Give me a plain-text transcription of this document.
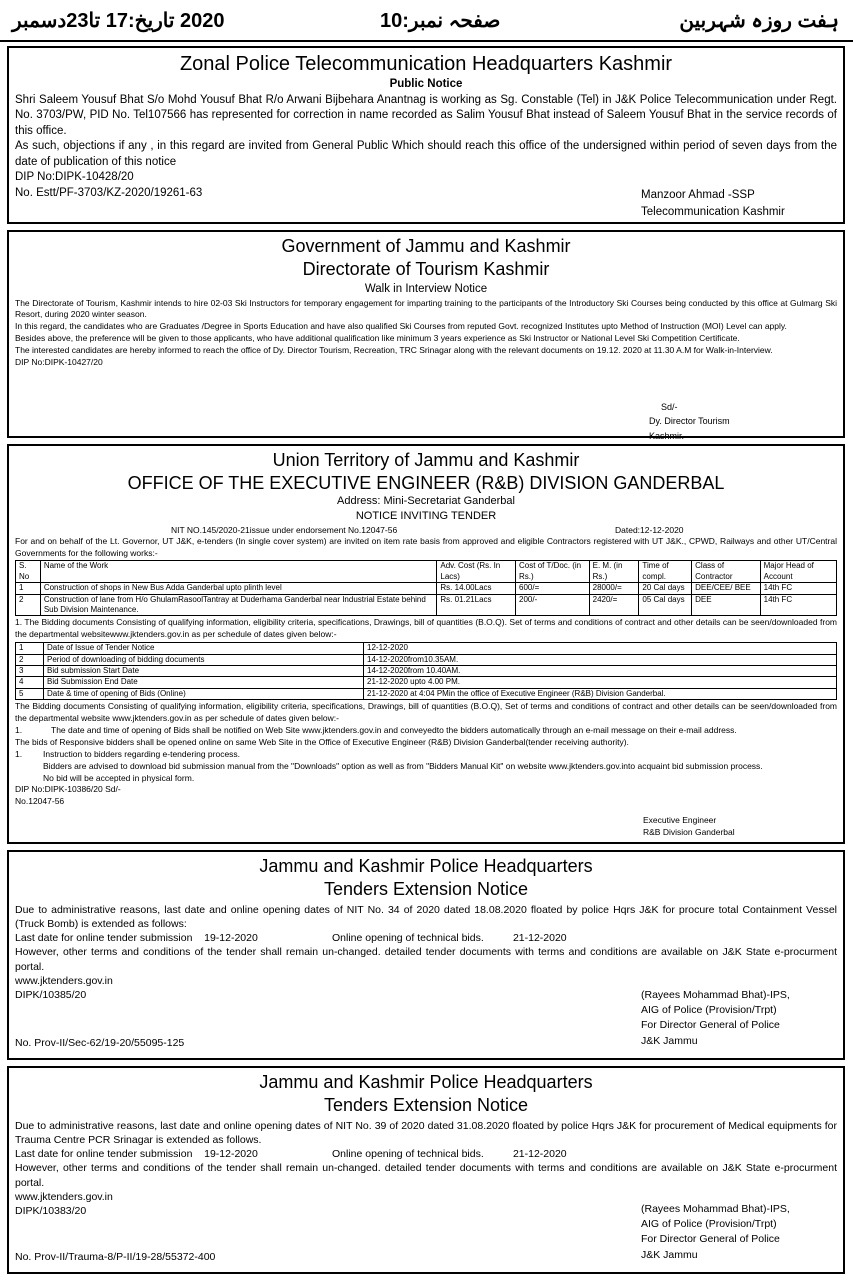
2020 تاریخ:17 تا23دسمبر	صفحہ نمبر:10	ہفت روزہ شہربین
Zonal Police Telecommunication Headquarters Kashmir
Public Notice
Shri Saleem Yousuf Bhat S/o Mohd Yousuf Bhat R/o Arwani Bijbehara Anantnag is working as Sg. Constable (Tel) in J&K Police Telecommunication under Regt. No. 3703/PW, PID No. Tel107566 has represented for correction in name recorded as Salim Yousuf Bhat instead of Saleem Yousuf Bhat in the service records of this office.
As such, objections if any , in this regard are invited from General Public Which should reach this office of the undersigned within period of seven days from the date of publication of this notice
DIP No:DIPK-10428/20
No. Estt/PF-3703/KZ-2020/19261-63	Manzoor Ahmad -SSP
Telecommunication Kashmir
Government of Jammu and Kashmir
Directorate of Tourism Kashmir
Walk in Interview Notice
The Directorate of Tourism, Kashmir intends to hire 02-03 Ski Instructors for temporary engagement for imparting training to the participants of the Introductory Ski Courses being conducted by this office at Gulmarg Ski Resort, during 2020 winter season.
In this regard, the candidates who are Graduates /Degree in Sports Education and have also qualified Ski Courses from reputed Govt. recognized Institutes upto Method of Instruction (MOI) Level can apply.
Besides above, the preference will be given to those applicants, who have additional qualification like minimum 3 years experience as Ski Instructor or National Level Ski Competition Certificate.
The interested candidates are hereby informed to reach the office of Dy. Director Tourism, Recreation, TRC Srinagar along with the relevant documents on 19.12. 2020 at 11.30 A.M for Walk-in-Interview.
DIP No:DIPK-10427/20
Sd/-
Dy. Director Tourism
Kashmir.
Union Territory of Jammu and Kashmir
OFFICE OF THE EXECUTIVE ENGINEER (R&B) DIVISION GANDERBAL
Address: Mini-Secretariat Ganderbal
NOTICE INVITING TENDER
NIT NO.145/2020-21issue under endorsement No.12047-56	Dated:12-12-2020
For and on behalf of the Lt. Governor, UT J&K, e-tenders (In single cover system) are invited on item rate basis from approved and eligible Contractors registered with UT J&K., CPWD, Railways and other UT/Central Governments for the following works:-
S. No	Name of the Work	Adv. Cost (Rs. In Lacs)	Cost of T/Doc. (in Rs.)	E. M. (in Rs.)	Time of compl.	Class of Contractor	Major Head of Account
1	Construction of shops in New Bus Adda Ganderbal upto plinth level	Rs. 14.00Lacs	600/=	28000/=	20 Cal days	DEE/CEE/ BEE	14th FC
2	Construction of lane from H/o GhulamRasoolTantray at Duderhama Ganderbal near Industrial Estate behind Sub Division Maintenance.	Rs. 01.21Lacs	200/-	2420/=	05 Cal days	DEE	14th FC
1. The Bidding documents Consisting of qualifying information, eligibility criteria, specifications, Drawings, bill of quantities (B.O.Q). Set of terms and conditions of contract and other details can be seen/downloaded from the departmental websitewww.jktenders.gov.in as per schedule of dates given below:-
1	Date of Issue of Tender Notice	12-12-2020
2	Period of downloading of bidding documents	14-12-2020from10.35AM.
3	Bid submission Start Date	14-12-2020from 10.40AM.
4	Bid Submission End Date	21-12-2020 upto 4.00 PM.
5	Date & time of opening of Bids (Online)	21-12-2020 at 4:04 PMin the office of Executive Engineer (R&B) Division Ganderbal.
The Bidding documents Consisting of qualifying information, eligibility criteria, specifications, Drawings, bill of quantities (B.O.Q), Set of terms and conditions of contract and other details can be seen/downloaded from the departmental website www.jktenders.gov.in as per schedule of dates given below:-
1.	The date and time of opening of Bids shall be notified on Web Site www.jktenders.gov.in and conveyedto the bidders automatically through an e-mail message on their e-mail address.
The bids of Responsive bidders shall be opened online on same Web Site in the Office of Executive Engineer (R&B) Division Ganderbal(tender receiving authority).
1.	Instruction to bidders regarding e-tendering process.
Bidders are advised to download bid submission manual from the "Downloads" option as well as from "Bidders Manual Kit" on website www.jktenders.gov.into acquaint bid submission process.
No bid will be accepted in physical form.
DIP No:DIPK-10386/20 Sd/-
No.12047-56
Executive Engineer
R&B Division Ganderbal
Jammu and Kashmir Police Headquarters
Tenders Extension Notice
Due to administrative reasons, last date and online opening dates of NIT No. 34 of 2020 dated 18.08.2020 floated by police Hqrs J&K for procure total Containment Vessel (Truck Bomb) is extended as follows:
Last date for online tender submission    19-12-2020	Online opening of technical bids.          21-12-2020
However, other terms and conditions of the tender shall remain un-changed. detailed tender documents with terms and conditions are available on J&K State e-procurment portal.
www.jktenders.gov.in
DIPK/10385/20
No. Prov-II/Sec-62/19-20/55095-125
(Rayees Mohammad Bhat)-IPS,
AIG of Police (Provision/Trpt)
For Director General of Police
J&K Jammu
Jammu and Kashmir Police Headquarters
Tenders Extension Notice
Due to administrative reasons, last date and online opening dates of NIT No. 39 of 2020 dated 31.08.2020 floated by police Hqrs J&K for procurement of Medical equipments for Trauma Centre PCR Srinagar is extended as follows.
Last date for online tender submission    19-12-2020	Online opening of technical bids.          21-12-2020
However, other terms and conditions of the tender shall remain un-changed. detailed tender documents with terms and conditions are available on J&K State e-procurment portal.
www.jktenders.gov.in
DIPK/10383/20
No. Prov-II/Trauma-8/P-II/19-28/55372-400
(Rayees Mohammad Bhat)-IPS,
AIG of Police (Provision/Trpt)
For Director General of Police
J&K Jammu
